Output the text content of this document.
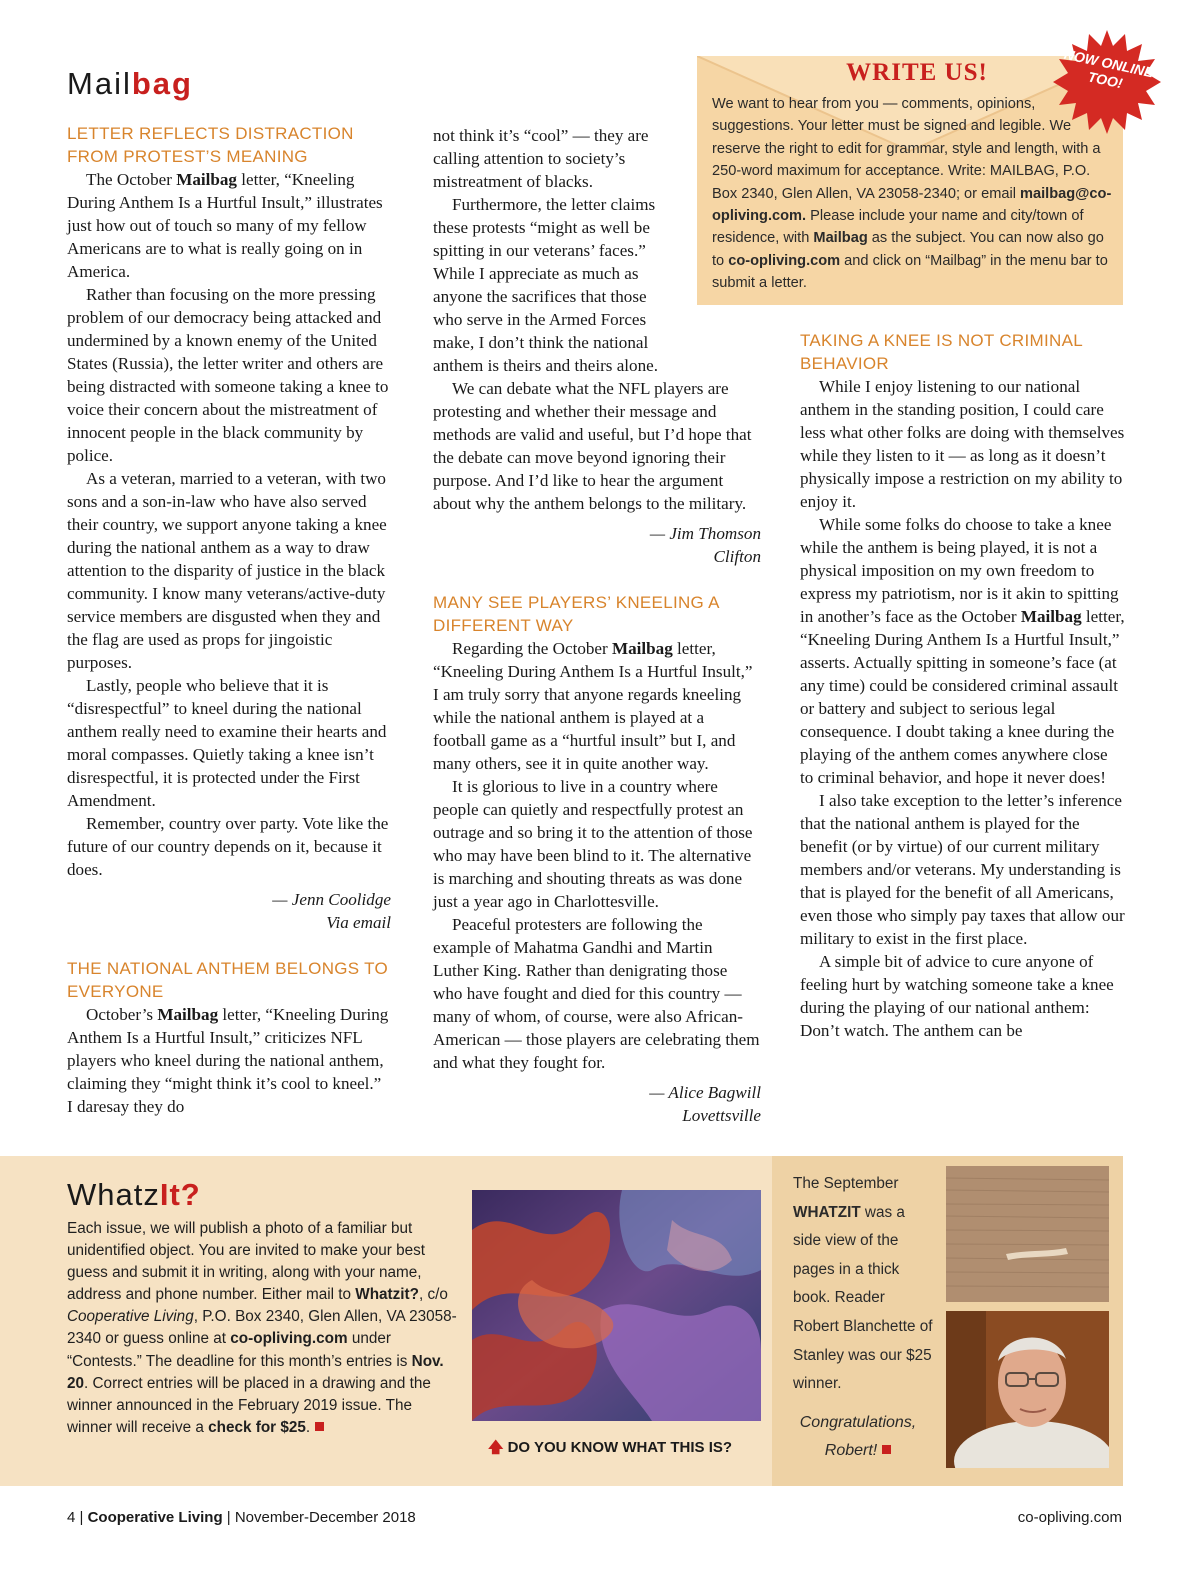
Mailbag	WRITE US!
We want to hear from you — comments, opinions, suggestions. Your letter must be signed and legible. We reserve the right to edit for grammar, style and length, with a 250-word maximum for acceptance. Write: MAILBAG, P.O. Box 2340, Glen Allen, VA 23058-2340; or email mailbag@co-opliving.com. Please include your name and city/town of residence, with Mailbag as the subject. You can now also go to co-opliving.com and click on “Mailbag” in the menu bar to submit a letter.
NOW ONLINE TOO!
LETTER REFLECTS DISTRACTION FROM PROTEST’S MEANING

The October Mailbag letter, “Kneeling During Anthem Is a Hurtful Insult,” illustrates just how out of touch so many of my fellow Americans are to what is really going on in America.

Rather than focusing on the more pressing problem of our democracy being attacked and undermined by a known enemy of the United States (Russia), the letter writer and others are being distracted with someone taking a knee to voice their concern about the mistreatment of innocent people in the black community by police.

As a veteran, married to a veteran, with two sons and a son-in-law who have also served their country, we support anyone taking a knee during the national anthem as a way to draw attention to the disparity of justice in the black community. I know many veterans/active-duty service members are disgusted when they and the flag are used as props for jingoistic purposes.

Lastly, people who believe that it is “disrespectful” to kneel during the national anthem really need to examine their hearts and moral compasses. Quietly taking a knee isn’t disrespectful, it is protected under the First Amendment.

Remember, country over party. Vote like the future of our country depends on it, because it does.

— Jenn Coolidge
Via email
THE NATIONAL ANTHEM BELONGS TO EVERYONE

October’s Mailbag letter, “Kneeling During Anthem Is a Hurtful Insult,” criticizes NFL players who kneel during the national anthem, claiming they “might think it’s cool to kneel.” I daresay they do

not think it’s “cool” — they are calling attention to society’s mistreatment of blacks.

Furthermore, the letter claims these protests “might as well be spitting in our veterans’ faces.” While I appreciate as much as anyone the sacrifices that those who serve in the Armed Forces make, I don’t think the national anthem is theirs and theirs alone.

We can debate what the NFL players are protesting and whether their message and methods are valid and useful, but I’d hope that the debate can move beyond ignoring their purpose. And I’d like to hear the argument about why the anthem belongs to the military.

— Jim Thomson
Clifton
MANY SEE PLAYERS’ KNEELING A DIFFERENT WAY

Regarding the October Mailbag letter, “Kneeling During Anthem Is a Hurtful Insult,” I am truly sorry that anyone regards kneeling while the national anthem is played at a football game as a “hurtful insult” but I, and many others, see it in quite another way.

It is glorious to live in a country where people can quietly and respectfully protest an outrage and so bring it to the attention of those who may have been blind to it. The alternative is marching and shouting threats as was done just a year ago in Charlottesville.

Peaceful protesters are following the example of Mahatma Gandhi and Martin Luther King. Rather than denigrating those who have fought and died for this country — many of whom, of course, were also African-American — those players are celebrating them and what they fought for.

— Alice Bagwill
Lovettsville
TAKING A KNEE IS NOT CRIMINAL BEHAVIOR

While I enjoy listening to our national anthem in the standing position, I could care less what other folks are doing with themselves while they listen to it — as long as it doesn’t physically impose a restriction on my ability to enjoy it.

While some folks do choose to take a knee while the anthem is being played, it is not a physical imposition on my own freedom to express my patriotism, nor is it akin to spitting in another’s face as the October Mailbag letter, “Kneeling During Anthem Is a Hurtful Insult,” asserts. Actually spitting in someone’s face (at any time) could be considered criminal assault or battery and subject to serious legal consequence. I doubt taking a knee during the playing of the anthem comes anywhere close to criminal behavior, and hope it never does!

I also take exception to the letter’s inference that the national anthem is played for the benefit (or by virtue) of our current military members and/or veterans. My understanding is that is played for the benefit of all Americans, even those who simply pay taxes that allow our military to exist in the first place.

A simple bit of advice to cure anyone of feeling hurt by watching someone take a knee during the playing of our national anthem: Don’t watch. The anthem can be

WhatzIt?
Each issue, we will publish a photo of a familiar but unidentified object. You are invited to make your best guess and submit it in writing, along with your name, address and phone number. Either mail to Whatzit?, c/o Cooperative Living, P.O. Box 2340, Glen Allen, VA 23058-2340 or guess online at co-opliving.com under “Contests.” The deadline for this month’s entries is Nov. 20. Correct entries will be placed in a drawing and the winner announced in the February 2019 issue. The winner will receive a check for $25.
🡅 DO YOU KNOW WHAT THIS IS?
The September WHATZIT was a side view of the pages in a thick book. Reader Robert Blanchette of Stanley was our $25 winner.
Congratulations, Robert!
4 | Cooperative Living | November-December 2018	co-opliving.com
